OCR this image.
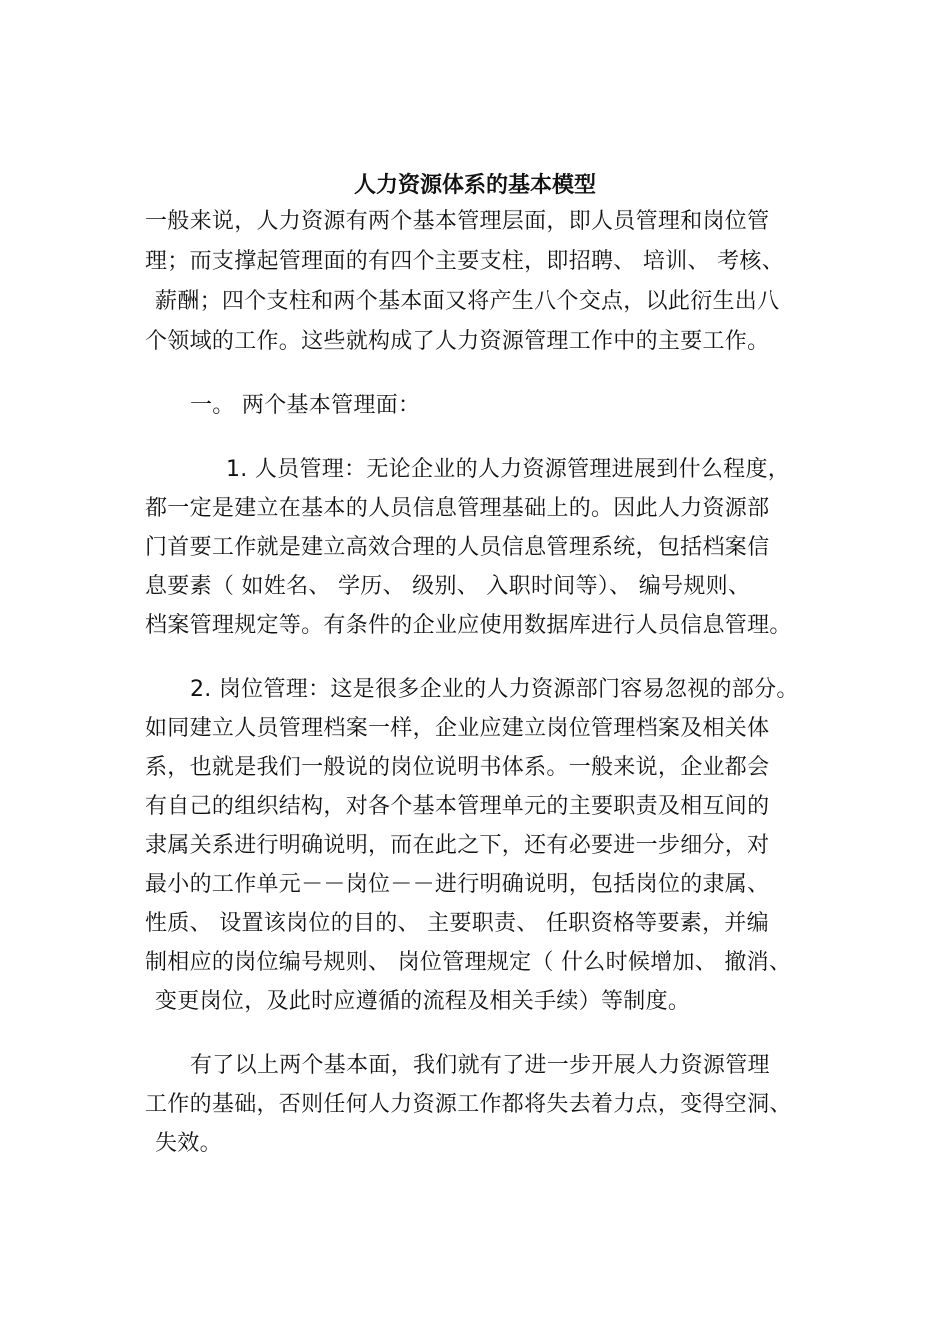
人力资源体系的基本模型
一般来说，人力资源有两个基本管理层面，即人员管理和岗位管
理；而支撑起管理面的有四个主要支柱，即招聘、 培训、 考核、
薪酬；四个支柱和两个基本面又将产生八个交点，以此衍生出八
个领域的工作。这些就构成了人力资源管理工作中的主要工作。
一。 两个基本管理面：
1. 人员管理：无论企业的人力资源管理进展到什么程度，
都一定是建立在基本的人员信息管理基础上的。因此人力资源部
门首要工作就是建立高效合理的人员信息管理系统，包括档案信
息要素（ 如姓名、 学历、 级别、 入职时间等）、 编号规则、
档案管理规定等。有条件的企业应使用数据库进行人员信息管理。
2. 岗位管理：这是很多企业的人力资源部门容易忽视的部分。
如同建立人员管理档案一样，企业应建立岗位管理档案及相关体
系，也就是我们一般说的岗位说明书体系。一般来说，企业都会
有自己的组织结构，对各个基本管理单元的主要职责及相互间的
隶属关系进行明确说明，而在此之下，还有必要进一步细分，对
最小的工作单元－－岗位－－进行明确说明，包括岗位的隶属、
性质、 设置该岗位的目的、 主要职责、 任职资格等要素，并编
制相应的岗位编号规则、 岗位管理规定（ 什么时候增加、 撤消、
变更岗位，及此时应遵循的流程及相关手续）等制度。
有了以上两个基本面，我们就有了进一步开展人力资源管理
工作的基础，否则任何人力资源工作都将失去着力点，变得空洞、
失效。
